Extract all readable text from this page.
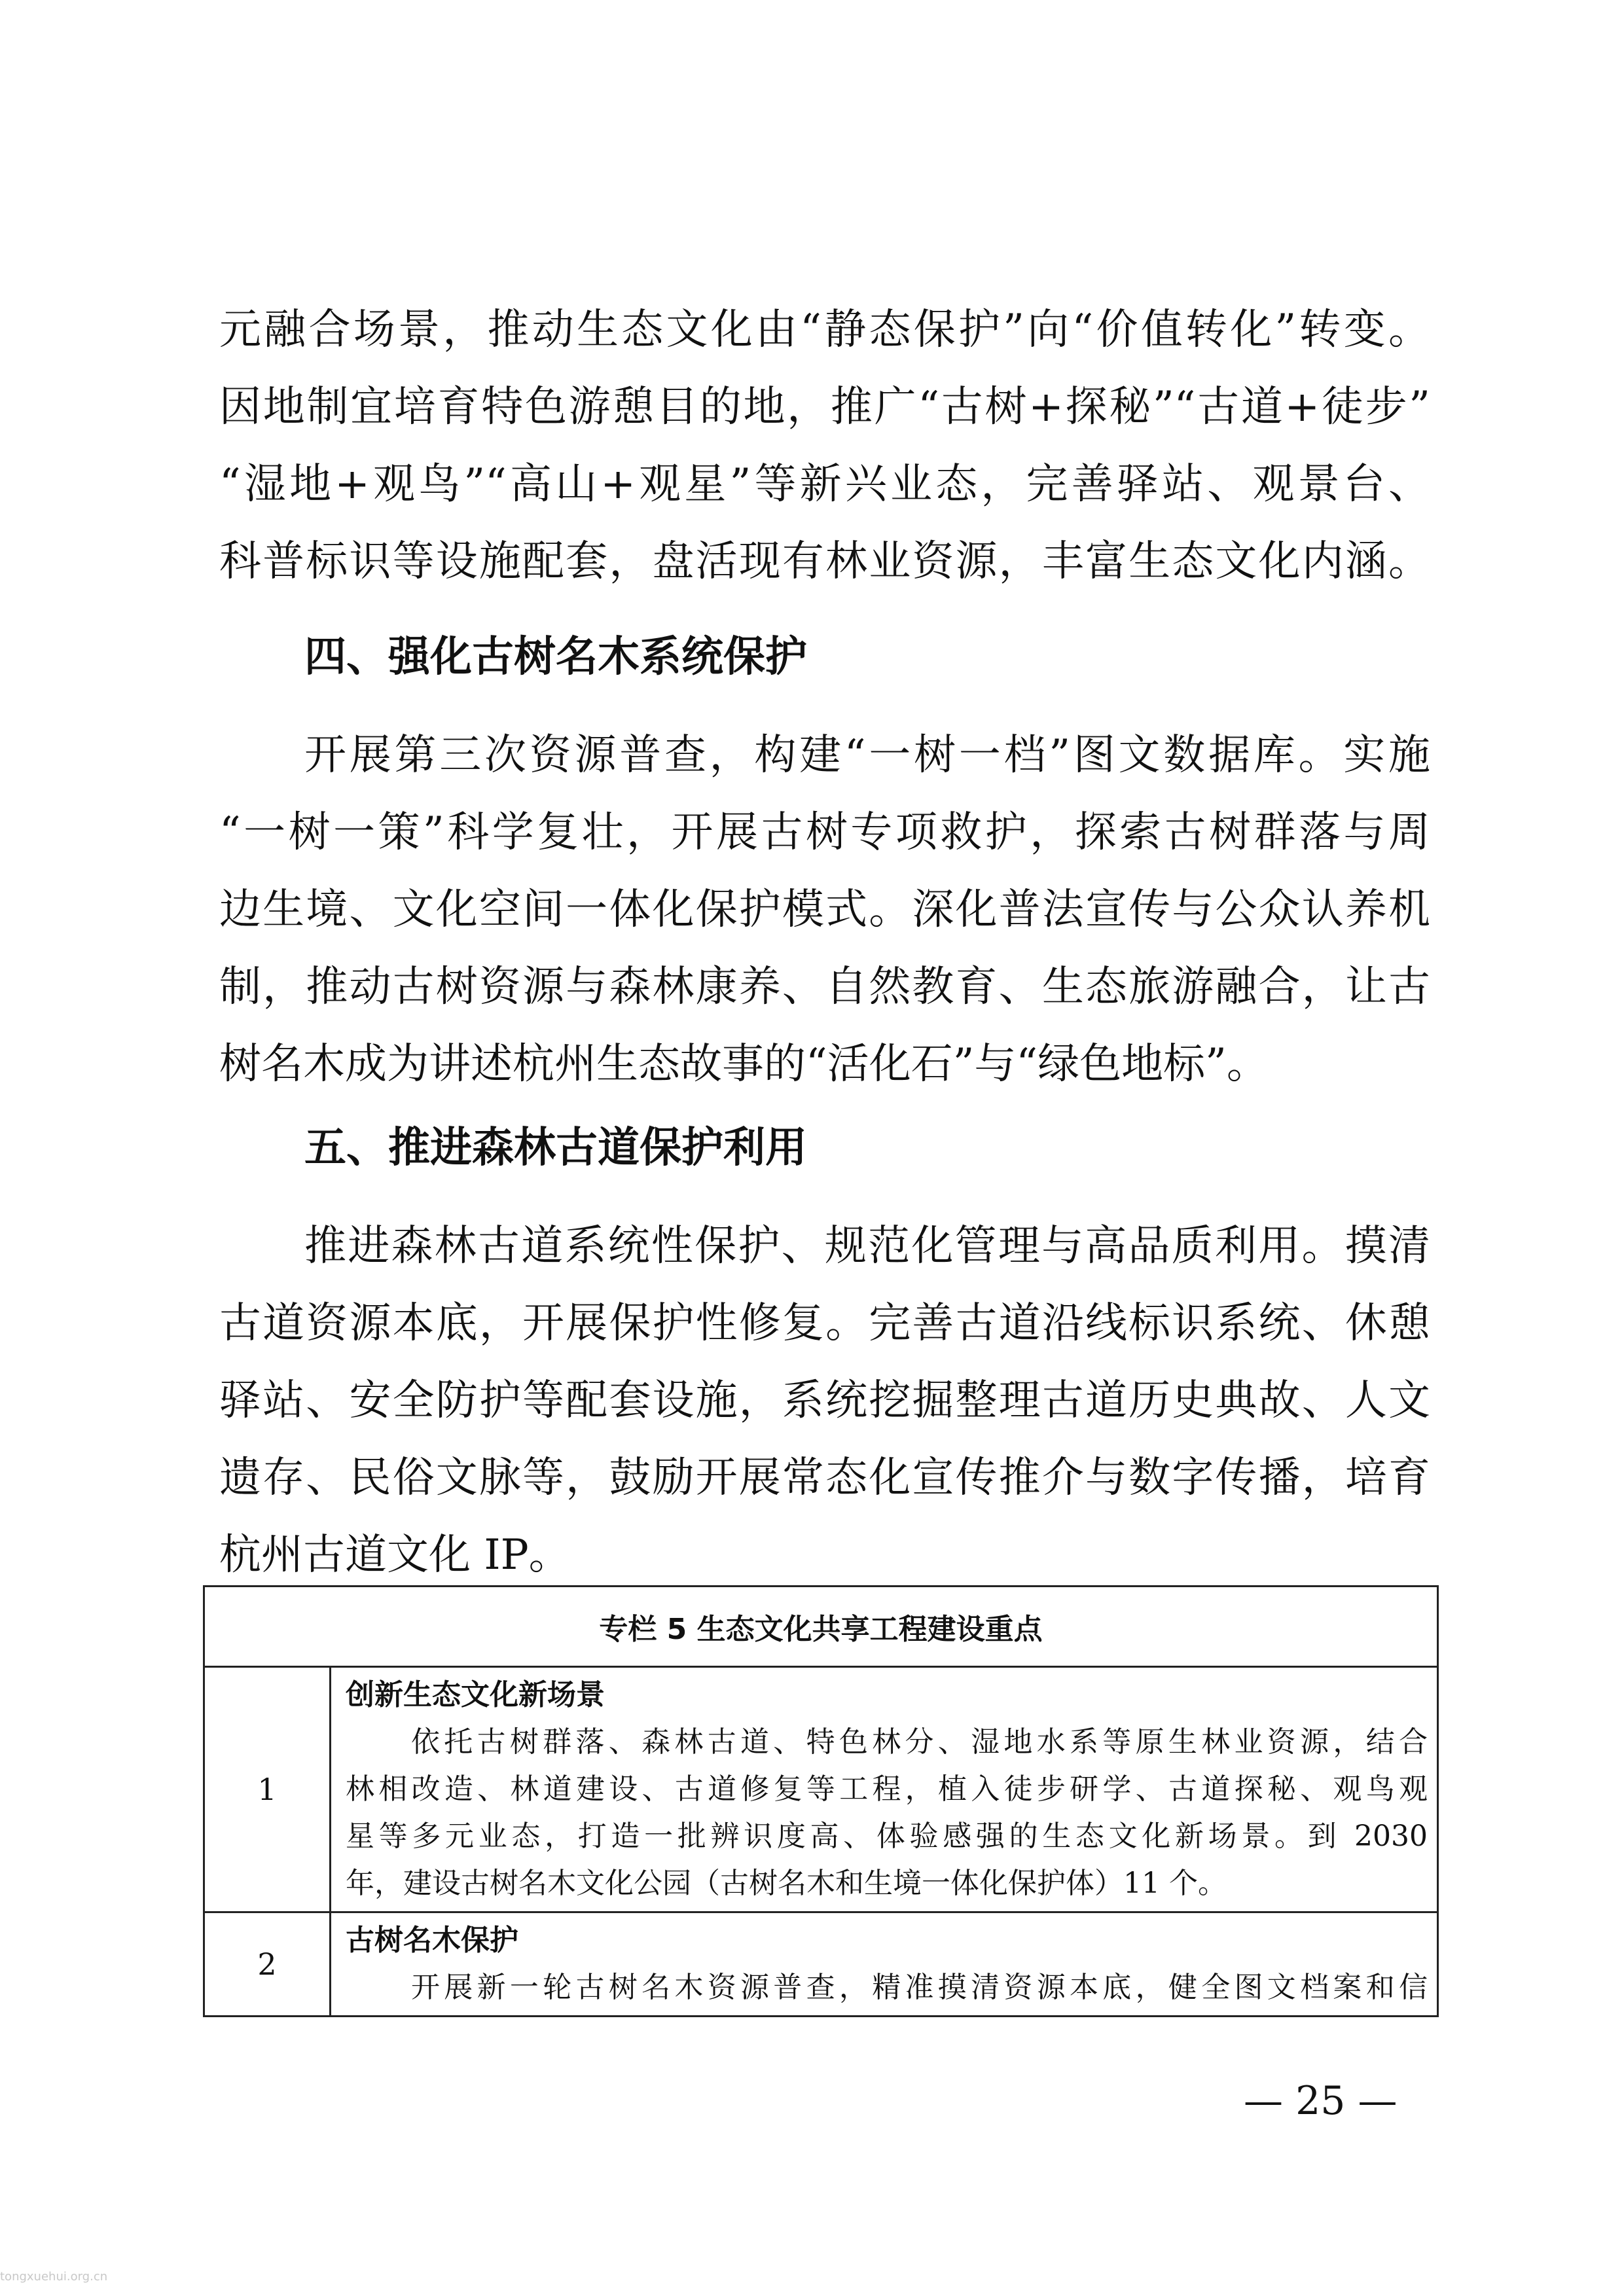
元融合场景，推动生态文化由“静态保护”向“价值转化”转变。
因地制宜培育特色游憩目的地，推广“古树+探秘”“古道+徒步”
“湿地+观鸟”“高山+观星”等新兴业态，完善驿站、观景台、
科普标识等设施配套，盘活现有林业资源，丰富生态文化内涵。
四、强化古树名木系统保护
开展第三次资源普查，构建“一树一档”图文数据库。实施
“一树一策”科学复壮，开展古树专项救护，探索古树群落与周
边生境、文化空间一体化保护模式。深化普法宣传与公众认养机
制，推动古树资源与森林康养、自然教育、生态旅游融合，让古
树名木成为讲述杭州生态故事的“活化石”与“绿色地标”。
五、推进森林古道保护利用
推进森林古道系统性保护、规范化管理与高品质利用。摸清
古道资源本底，开展保护性修复。完善古道沿线标识系统、休憩
驿站、安全防护等配套设施，系统挖掘整理古道历史典故、人文
遗存、民俗文脉等，鼓励开展常态化宣传推介与数字传播，培育
杭州古道文化 IP。
专栏 5 生态文化共享工程建设重点	
1	创新生态文化新场景
依托古树群落、森林古道、特色林分、湿地水系等原生林业资源，结合
林相改造、林道建设、古道修复等工程，植入徒步研学、古道探秘、观鸟观
星等多元业态，打造一批辨识度高、体验感强的生态文化新场景。到 2030
年，建设古树名木文化公园（古树名木和生境一体化保护体）11 个。

2	古树名木保护
开展新一轮古树名木资源普查，精准摸清资源本底，健全图文档案和信
— 25 —
tongxuehui.org.cn
